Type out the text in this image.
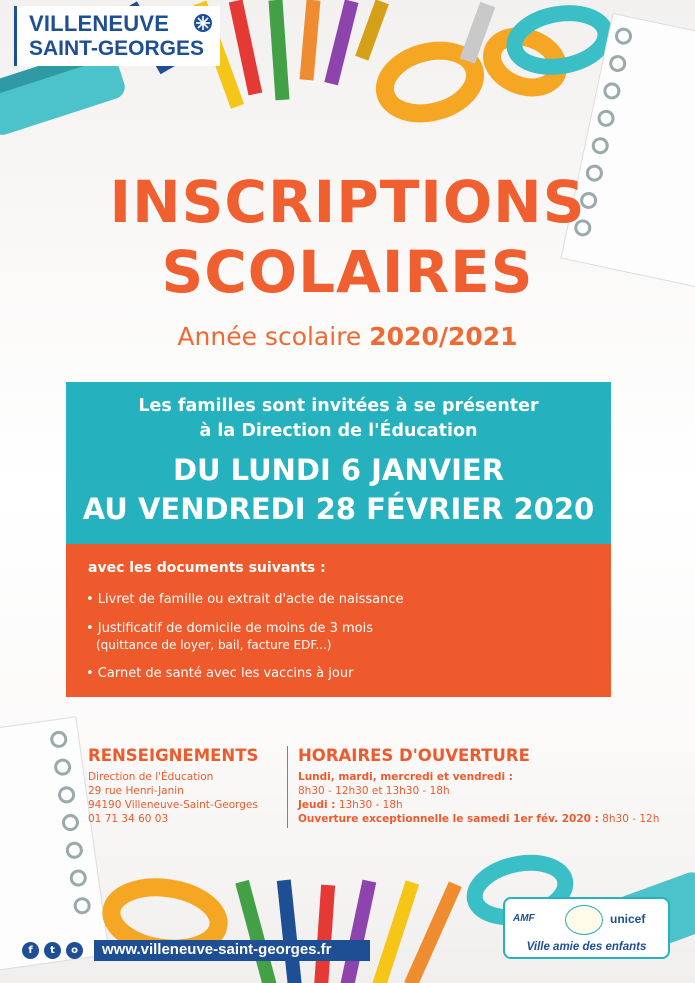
VILLENEUVE
SAINT-GEORGES
INSCRIPTIONS
SCOLAIRES
Année scolaire 2020/2021
Les familles sont invitées à se présenter
à la Direction de l'Éducation
DU LUNDI 6 JANVIER
AU VENDREDI 28 FÉVRIER 2020
avec les documents suivants :
• Livret de famille ou extrait d'acte de naissance
• Justificatif de domicile de moins de 3 mois
(quittance de loyer, bail, facture EDF...)
• Carnet de santé avec les vaccins à jour
RENSEIGNEMENTS
Direction de l'Éducation
29 rue Henri-Janin
94190 Villeneuve-Saint-Georges
01 71 34 60 03
HORAIRES D'OUVERTURE
Lundi, mardi, mercredi et vendredi :
8h30 - 12h30 et 13h30 - 18h
Jeudi : 13h30 - 18h
Ouverture exceptionnelle le samedi 1er fév. 2020 : 8h30 - 12h
f	t	o	www.villeneuve-saint-georges.fr
AMF	unicef
Ville amie des enfants
